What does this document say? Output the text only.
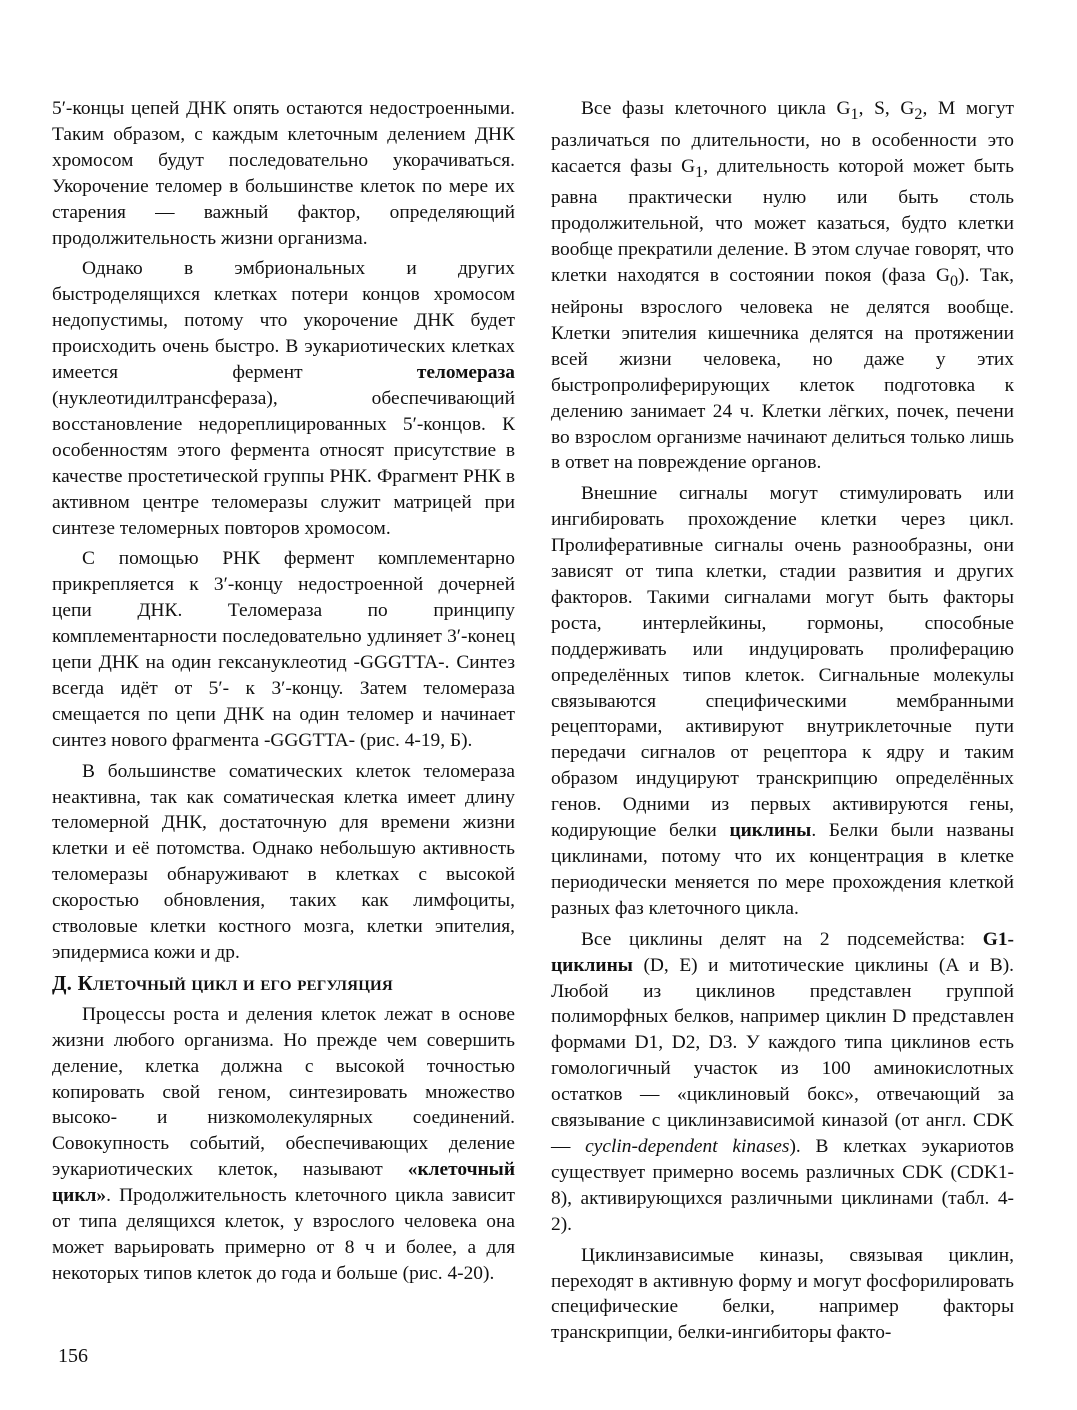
5′-концы цепей ДНК опять остаются недостроенными. Таким образом, с каждым клеточным делением ДНК хромосом будут последовательно укорачиваться. Укорочение теломер в большинстве клеток по мере их старения — важный фактор, определяющий продолжительность жизни организма.

Однако в эмбриональных и других быстроделящихся клетках потери концов хромосом недопустимы, потому что укорочение ДНК будет происходить очень быстро. В эукариотических клетках имеется фермент теломераза (нуклеотидилтрансфераза), обеспечивающий восстановление недореплицированных 5′-концов. К особенностям этого фермента относят присутствие в качестве простетической группы РНК. Фрагмент РНК в активном центре теломеразы служит матрицей при синтезе теломерных повторов хромосом.

С помощью РНК фермент комплементарно прикрепляется к 3′-концу недостроенной дочерней цепи ДНК. Теломераза по принципу комплементарности последовательно удлиняет 3′-конец цепи ДНК на один гексануклеотид -GGGTTA-. Синтез всегда идёт от 5′- к 3′-концу. Затем теломераза смещается по цепи ДНК на один теломер и начинает синтез нового фрагмента -GGGTTA- (рис. 4-19, Б).

В большинстве соматических клеток теломераза неактивна, так как соматическая клетка имеет длину теломерной ДНК, достаточную для времени жизни клетки и её потомства. Однако небольшую активность теломеразы обнаруживают в клетках с высокой скоростью обновления, таких как лимфоциты, стволовые клетки костного мозга, клетки эпителия, эпидермиса кожи и др.

Д. Клеточный цикл и его регуляция

Процессы роста и деления клеток лежат в основе жизни любого организма. Но прежде чем совершить деление, клетка должна с высокой точностью копировать свой геном, синтезировать множество высоко- и низкомолекулярных соединений. Совокупность событий, обеспечивающих деление эукариотических клеток, называют «клеточный цикл». Продолжительность клеточного цикла зависит от типа делящихся клеток, у взрослого человека она может варьировать примерно от 8 ч и более, а для некоторых типов клеток до года и больше (рис. 4-20).

Все фазы клеточного цикла $G_1$, S, $G_2$, M могут различаться по длительности, но в особенности это касается фазы $G_1$, длительность которой может быть равна практически нулю или быть столь продолжительной, что может казаться, будто клетки вообще прекратили деление. В этом случае говорят, что клетки находятся в состоянии покоя (фаза $G_0$). Так, нейроны взрослого человека не делятся вообще. Клетки эпителия кишечника делятся на протяжении всей жизни человека, но даже у этих быстропролиферирующих клеток подготовка к делению занимает 24 ч. Клетки лёгких, почек, печени во взрослом организме начинают делиться только лишь в ответ на повреждение органов.

Внешние сигналы могут стимулировать или ингибировать прохождение клетки через цикл. Пролиферативные сигналы очень разнообразны, они зависят от типа клетки, стадии развития и других факторов. Такими сигналами могут быть факторы роста, интерлейкины, гормоны, способные поддерживать или индуцировать пролиферацию определённых типов клеток. Сигнальные молекулы связываются специфическими мембранными рецепторами, активируют внутриклеточные пути передачи сигналов от рецептора к ядру и таким образом индуцируют транскрипцию определённых генов. Одними из первых активируются гены, кодирующие белки циклины. Белки были названы циклинами, потому что их концентрация в клетке периодически меняется по мере прохождения клеткой разных фаз клеточного цикла.

Все циклины делят на 2 подсемейства: G1-циклины (D, E) и митотические циклины (A и B). Любой из циклинов представлен группой полиморфных белков, например циклин D представлен формами D1, D2, D3. У каждого типа циклинов есть гомологичный участок из 100 аминокислотных остатков — «циклиновый бокс», отвечающий за связывание с циклинзависимой киназой (от англ. CDK — cyclin-dependent kinases). В клетках эукариотов существует примерно восемь различных CDK (CDK1-8), активирующихся различными циклинами (табл. 4-2).

Циклинзависимые киназы, связывая циклин, переходят в активную форму и могут фосфорилировать специфические белки, например факторы транскрипции, белки-ингибиторы факто-

156
